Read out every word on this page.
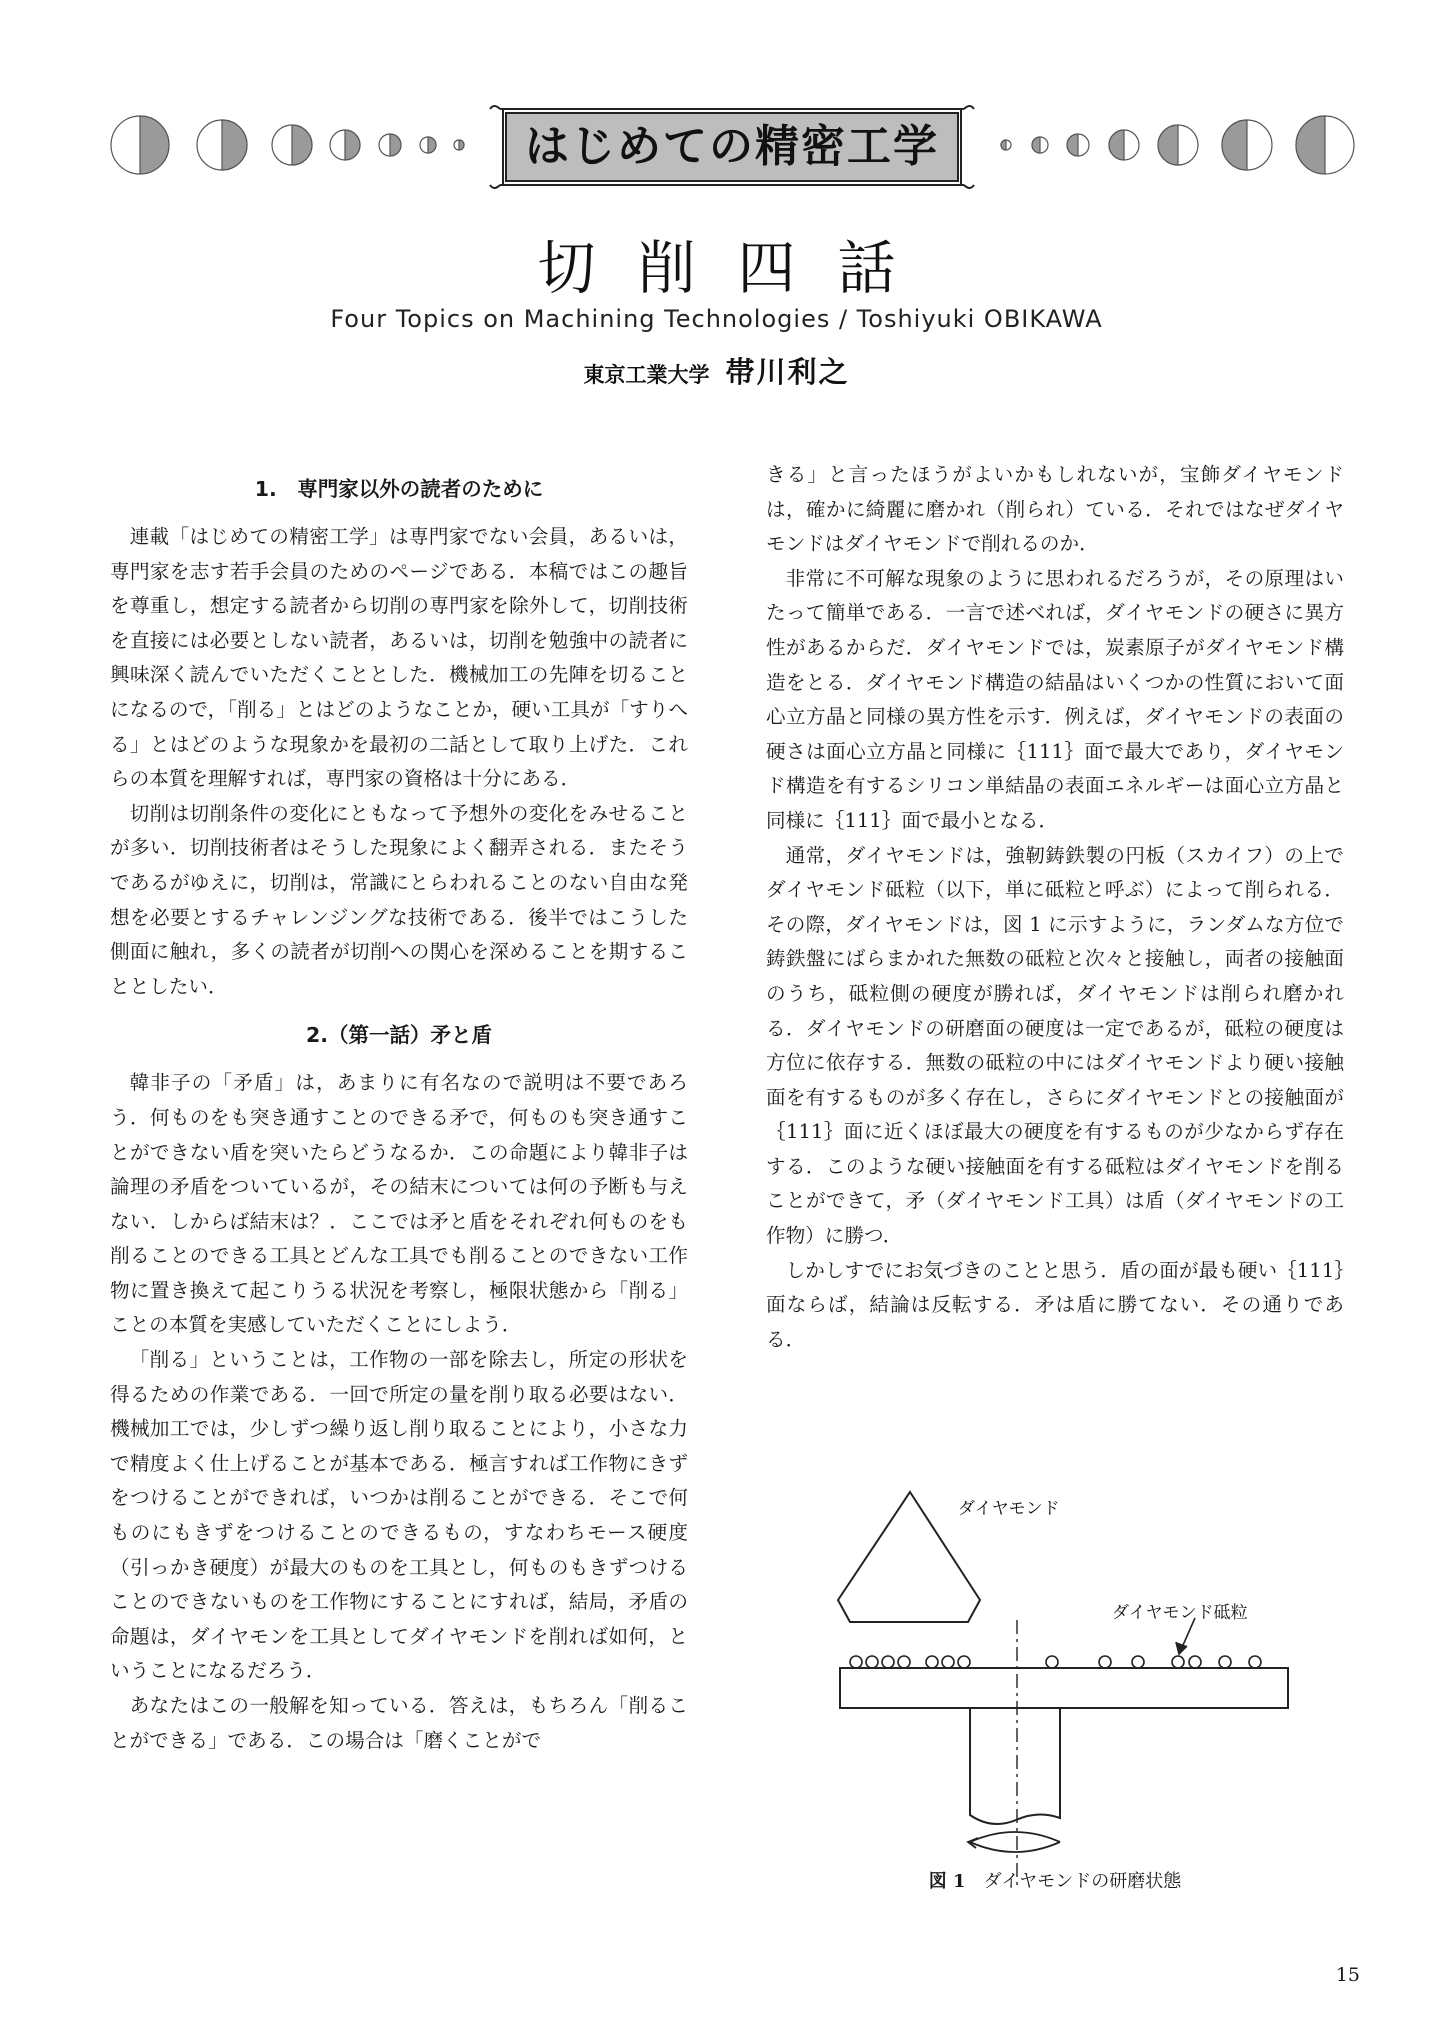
はじめての精密工学
切削四話
Four Topics on Machining Technologies / Toshiyuki OBIKAWA
東京工業大学 帯川利之
1.　専門家以外の読者のために

連載「はじめての精密工学」は専門家でない会員，あるいは，専門家を志す若手会員のためのページである．本稿ではこの趣旨を尊重し，想定する読者から切削の専門家を除外して，切削技術を直接には必要としない読者，あるいは，切削を勉強中の読者に興味深く読んでいただくこととした．機械加工の先陣を切ることになるので，「削る」とはどのようなことか，硬い工具が「すりへる」とはどのような現象かを最初の二話として取り上げた．これらの本質を理解すれば，専門家の資格は十分にある．

切削は切削条件の変化にともなって予想外の変化をみせることが多い．切削技術者はそうした現象によく翻弄される．またそうであるがゆえに，切削は，常識にとらわれることのない自由な発想を必要とするチャレンジングな技術である．後半ではこうした側面に触れ，多くの読者が切削への関心を深めることを期することとしたい．

2.（第一話）矛と盾

韓非子の「矛盾」は，あまりに有名なので説明は不要であろう．何ものをも突き通すことのできる矛で，何ものも突き通すことができない盾を突いたらどうなるか．この命題により韓非子は論理の矛盾をついているが，その結末については何の予断も与えない．しからば結末は？．ここでは矛と盾をそれぞれ何ものをも削ることのできる工具とどんな工具でも削ることのできない工作物に置き換えて起こりうる状況を考察し，極限状態から「削る」ことの本質を実感していただくことにしよう．

「削る」ということは，工作物の一部を除去し，所定の形状を得るための作業である．一回で所定の量を削り取る必要はない．機械加工では，少しずつ繰り返し削り取ることにより，小さな力で精度よく仕上げることが基本である．極言すれば工作物にきずをつけることができれば，いつかは削ることができる．そこで何ものにもきずをつけることのできるもの，すなわちモース硬度（引っかき硬度）が最大のものを工具とし，何ものもきずつけることのできないものを工作物にすることにすれば，結局，矛盾の命題は，ダイヤモンを工具としてダイヤモンドを削れば如何，ということになるだろう．

あなたはこの一般解を知っている．答えは，もちろん「削ることができる」である．この場合は「磨くことがで

きる」と言ったほうがよいかもしれないが，宝飾ダイヤモンドは，確かに綺麗に磨かれ（削られ）ている．それではなぜダイヤモンドはダイヤモンドで削れるのか．

非常に不可解な現象のように思われるだろうが，その原理はいたって簡単である．一言で述べれば，ダイヤモンドの硬さに異方性があるからだ．ダイヤモンドでは，炭素原子がダイヤモンド構造をとる．ダイヤモンド構造の結晶はいくつかの性質において面心立方晶と同様の異方性を示す．例えば，ダイヤモンドの表面の硬さは面心立方晶と同様に｛111｝面で最大であり，ダイヤモンド構造を有するシリコン単結晶の表面エネルギーは面心立方晶と同様に｛111｝面で最小となる．

通常，ダイヤモンドは，強靭鋳鉄製の円板（スカイフ）の上でダイヤモンド砥粒（以下，単に砥粒と呼ぶ）によって削られる．その際，ダイヤモンドは，図 1 に示すように，ランダムな方位で鋳鉄盤にばらまかれた無数の砥粒と次々と接触し，両者の接触面のうち，砥粒側の硬度が勝れば，ダイヤモンドは削られ磨かれる．ダイヤモンドの研磨面の硬度は一定であるが，砥粒の硬度は方位に依存する．無数の砥粒の中にはダイヤモンドより硬い接触面を有するものが多く存在し，さらにダイヤモンドとの接触面が｛111｝面に近くほぼ最大の硬度を有するものが少なからず存在する．このような硬い接触面を有する砥粒はダイヤモンドを削ることができて，矛（ダイヤモンド工具）は盾（ダイヤモンドの工作物）に勝つ．

しかしすでにお気づきのことと思う．盾の面が最も硬い｛111｝面ならば，結論は反転する．矛は盾に勝てない．その通りである．

ダイヤモンド
ダイヤモンド砥粒
図 1 ダイヤモンドの研磨状態
15
